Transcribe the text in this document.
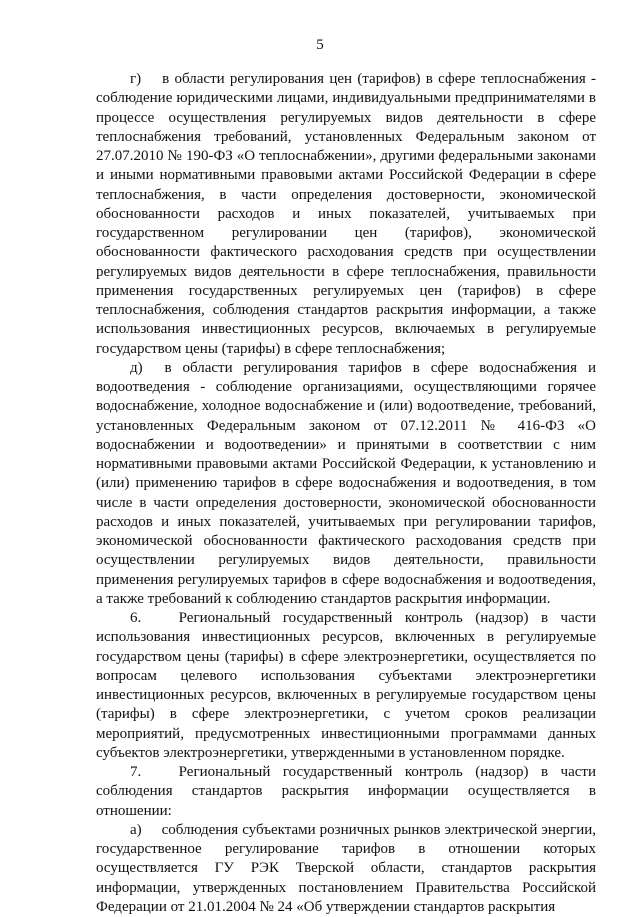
5

г)    в области регулирования цен (тарифов) в сфере теплоснабжения - соблюдение юридическими лицами, индивидуальными предпринимателями в процессе осуществления регулируемых видов деятельности в сфере теплоснабжения требований, установленных Федеральным законом от 27.07.2010 № 190-ФЗ «О теплоснабжении», другими федеральными законами и иными нормативными правовыми актами Российской Федерации в сфере теплоснабжения, в части определения достоверности, экономической обоснованности расходов и иных показателей, учитываемых при государственном регулировании цен (тарифов), экономической обоснованности фактического расходования средств при осуществлении регулируемых видов деятельности в сфере теплоснабжения, правильности применения государственных регулируемых цен (тарифов) в сфере теплоснабжения, соблюдения стандартов раскрытия информации, а также использования инвестиционных ресурсов, включаемых в регулируемые государством цены (тарифы) в сфере теплоснабжения;

д)  в области регулирования тарифов в сфере водоснабжения и водоотведения - соблюдение организациями, осуществляющими горячее водоснабжение, холодное водоснабжение и (или) водоотведение, требований, установленных Федеральным законом от 07.12.2011 № 416-ФЗ «О водоснабжении и водоотведении» и принятыми в соответствии с ним нормативными правовыми актами Российской Федерации, к установлению и (или) применению тарифов в сфере водоснабжения и водоотведения, в том числе в части определения достоверности, экономической обоснованности расходов и иных показателей, учитываемых при регулировании тарифов, экономической обоснованности фактического расходования средств при осуществлении регулируемых видов деятельности, правильности применения регулируемых тарифов в сфере водоснабжения и водоотведения, а также требований к соблюдению стандартов раскрытия информации.

6.   Региональный государственный контроль (надзор) в части использования инвестиционных ресурсов, включенных в регулируемые государством цены (тарифы) в сфере электроэнергетики, осуществляется по вопросам целевого использования субъектами электроэнергетики инвестиционных ресурсов, включенных в регулируемые государством цены (тарифы) в сфере электроэнергетики, с учетом сроков реализации мероприятий, предусмотренных инвестиционными программами данных субъектов электроэнергетики, утвержденными в установленном порядке.

7.   Региональный государственный контроль (надзор) в части соблюдения стандартов раскрытия информации осуществляется в отношении:

а)     соблюдения субъектами розничных рынков электрической энергии, государственное регулирование тарифов в отношении которых осуществляется ГУ РЭК Тверской области, стандартов раскрытия информации, утвержденных постановлением Правительства Российской Федерации от 21.01.2004 № 24 «Об утверждении стандартов раскрытия
